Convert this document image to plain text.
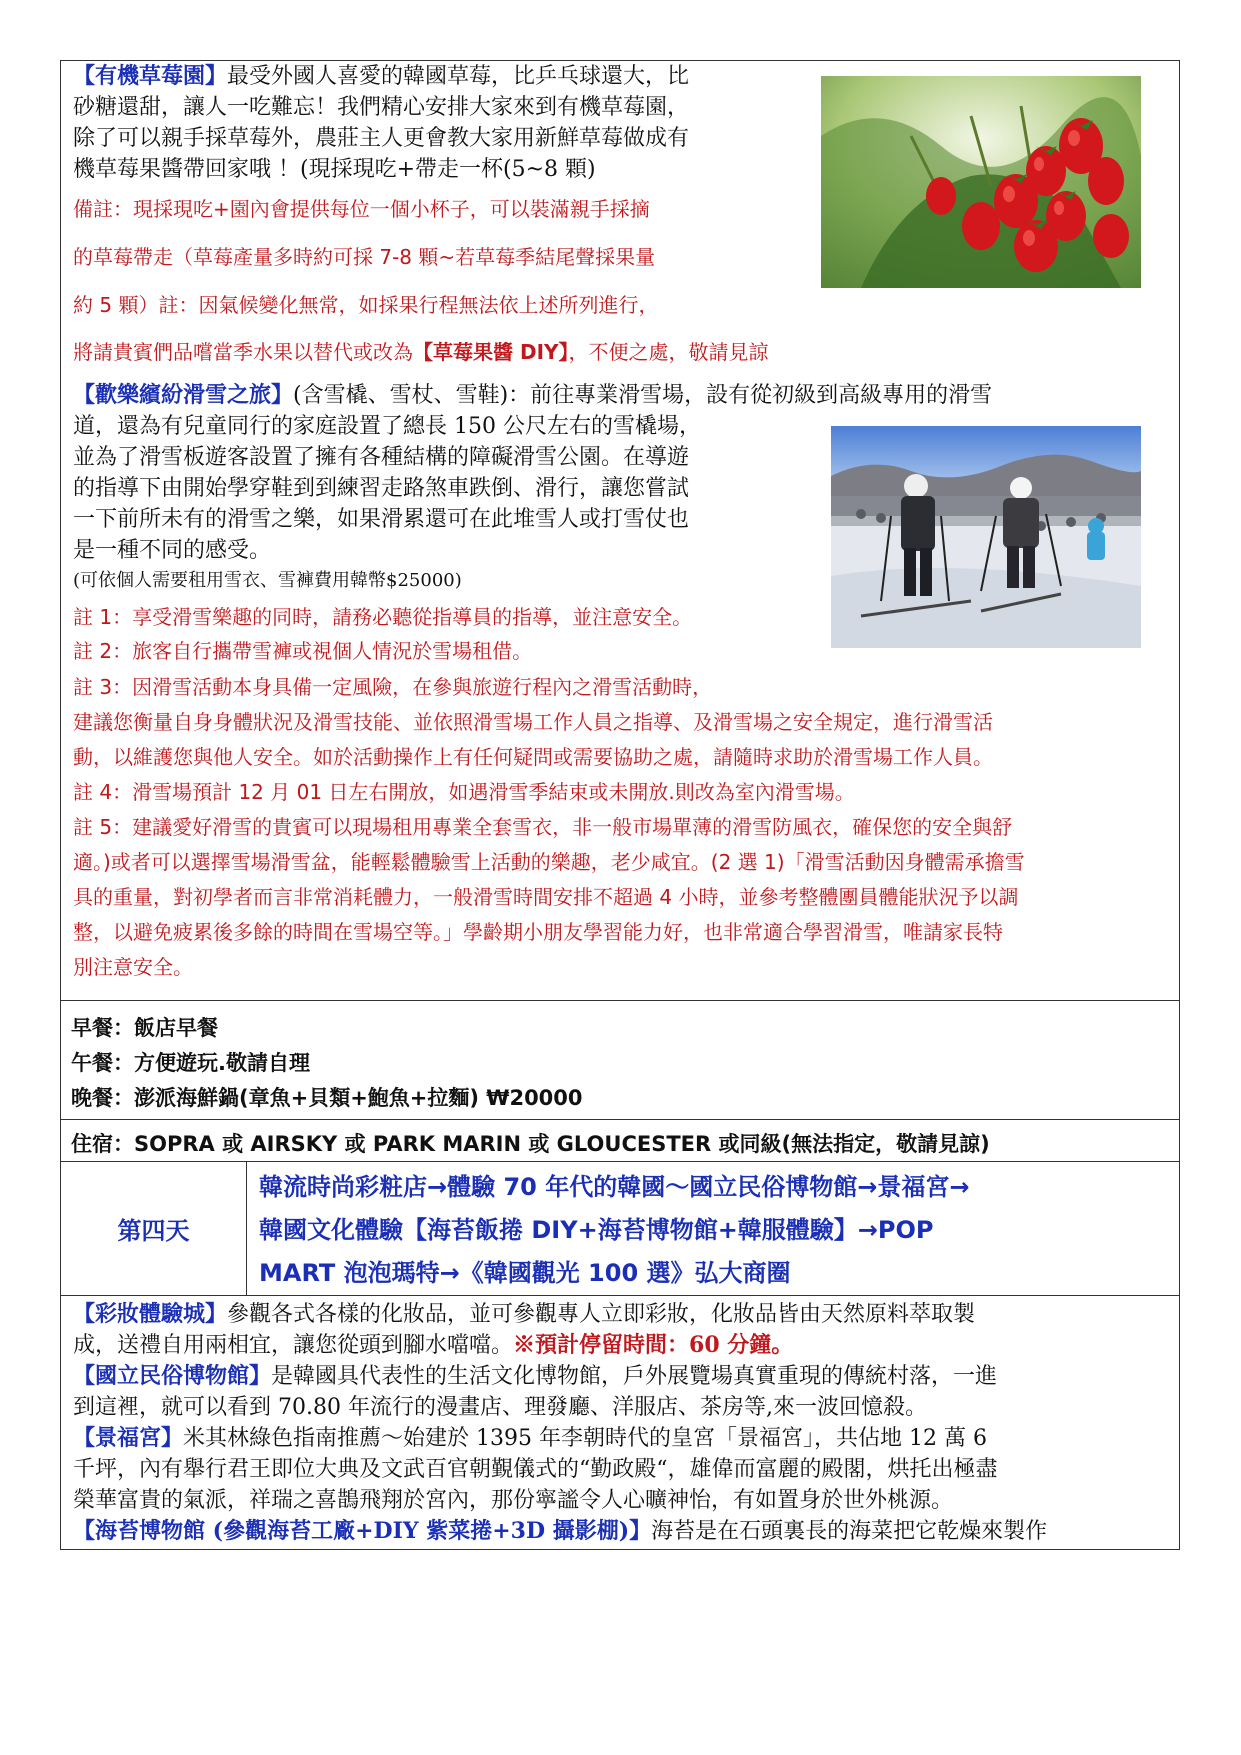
【有機草莓園】最受外國人喜愛的韓國草莓，比乒乓球還大，比
砂糖還甜，讓人一吃難忘！我們精心安排大家來到有機草莓園，
除了可以親手採草莓外，農莊主人更會教大家用新鮮草莓做成有
機草莓果醬帶回家哦 ！(現採現吃+帶走一杯(5~8 顆)
備註：現採現吃+園內會提供每位一個小杯子，可以裝滿親手採摘
的草莓帶走（草莓產量多時約可採 7-8 顆~若草莓季結尾聲採果量
約 5 顆）註：因氣候變化無常，如採果行程無法依上述所列進行，
將請貴賓們品嚐當季水果以替代或改為【草莓果醬 DIY】，不便之處，敬請見諒
【歡樂繽紛滑雪之旅】(含雪橇、雪杖、雪鞋)：前往專業滑雪場，設有從初級到高級專用的滑雪
道，還為有兒童同行的家庭設置了總長 150 公尺左右的雪橇場，
並為了滑雪板遊客設置了擁有各種結構的障礙滑雪公園。在導遊
的指導下由開始學穿鞋到到練習走路煞車跌倒、滑行，讓您嘗試
一下前所未有的滑雪之樂，如果滑累還可在此堆雪人或打雪仗也
是一種不同的感受。
(可依個人需要租用雪衣、雪褲費用韓幣$25000)
註 1：享受滑雪樂趣的同時，請務必聽從指導員的指導，並注意安全。
註 2：旅客自行攜帶雪褲或視個人情況於雪場租借。
註 3：因滑雪活動本身具備一定風險，在參與旅遊行程內之滑雪活動時，
建議您衡量自身身體狀況及滑雪技能、並依照滑雪場工作人員之指導、及滑雪場之安全規定，進行滑雪活
動，以維護您與他人安全。如於活動操作上有任何疑問或需要協助之處，請隨時求助於滑雪場工作人員。
註 4：滑雪場預計 12 月 01 日左右開放，如遇滑雪季結束或未開放.則改為室內滑雪場。
註 5：建議愛好滑雪的貴賓可以現場租用專業全套雪衣，非一般市場單薄的滑雪防風衣，確保您的安全與舒
適。)或者可以選擇雪場滑雪盆，能輕鬆體驗雪上活動的樂趣，老少咸宜。(2 選 1)「滑雪活動因身體需承擔雪
具的重量，對初學者而言非常消耗體力，一般滑雪時間安排不超過 4 小時，並參考整體團員體能狀況予以調
整，以避免疲累後多餘的時間在雪場空等。」學齡期小朋友學習能力好，也非常適合學習滑雪，唯請家長特
別注意安全。
早餐：飯店早餐
午餐：方便遊玩.敬請自理
晚餐：澎派海鮮鍋(章魚+貝類+鮑魚+拉麵) ₩20000
住宿：SOPRA 或 AIRSKY 或 PARK MARIN 或 GLOUCESTER 或同級(無法指定，敬請見諒)
第四天
韓流時尚彩粧店→體驗 70 年代的韓國～國立民俗博物館→景福宮→
韓國文化體驗【海苔飯捲 DIY+海苔博物館+韓服體驗】→POP
MART 泡泡瑪特→《韓國觀光 100 選》弘大商圈
【彩妝體驗城】參觀各式各樣的化妝品，並可參觀專人立即彩妝，化妝品皆由天然原料萃取製
成，送禮自用兩相宜，讓您從頭到腳水噹噹。※預計停留時間：60 分鐘。
【國立民俗博物館】是韓國具代表性的生活文化博物館，戶外展覽場真實重現的傳統村落，一進
到這裡，就可以看到 70.80 年流行的漫畫店、理發廳、洋服店、茶房等,來一波回憶殺。
【景福宮】米其林綠色指南推薦～始建於 1395 年李朝時代的皇宮「景福宮」，共佔地 12 萬 6
千坪，內有舉行君王即位大典及文武百官朝覲儀式的“勤政殿“，雄偉而富麗的殿閣，烘托出極盡
榮華富貴的氣派，祥瑞之喜鵲飛翔於宮內，那份寧謐令人心曠神怡，有如置身於世外桃源。
【海苔博物館 (參觀海苔工廠+DIY 紫菜捲+3D 攝影棚)】海苔是在石頭裏長的海菜把它乾燥來製作
